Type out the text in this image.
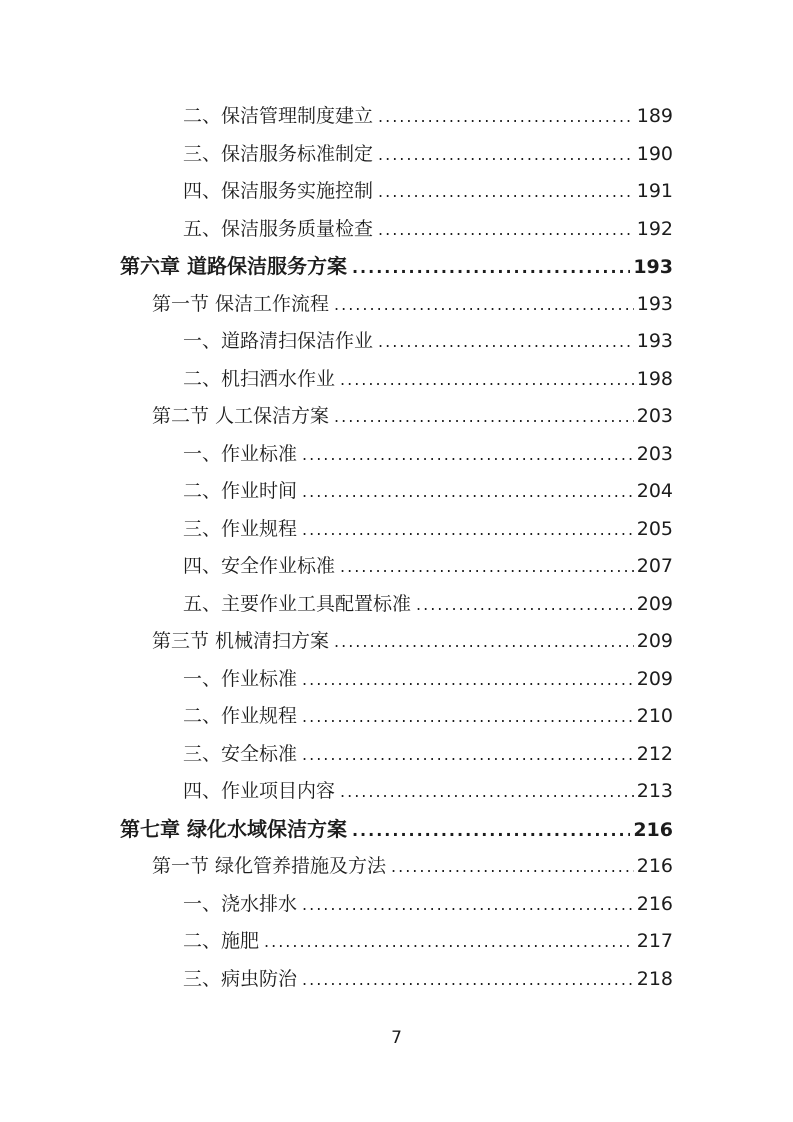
二、保洁管理制度建立 .....	189
三、保洁服务标准制定 .....	190
四、保洁服务实施控制 .....	191
五、保洁服务质量检查 .....	192
第六章 道路保洁服务方案 .....	193
第一节 保洁工作流程 .....	193
一、道路清扫保洁作业 .....	193
二、机扫洒水作业 .....	198
第二节 人工保洁方案 .....	203
一、作业标准 .....	203
二、作业时间 .....	204
三、作业规程 .....	205
四、安全作业标准 .....	207
五、主要作业工具配置标准 .....	209
第三节 机械清扫方案 .....	209
一、作业标准 .....	209
二、作业规程 .....	210
三、安全标准 .....	212
四、作业项目内容 .....	213
第七章 绿化水域保洁方案 .....	216
第一节 绿化管养措施及方法 .....	216
一、浇水排水 .....	216
二、施肥 .....	217
三、病虫防治 .....	218
7
